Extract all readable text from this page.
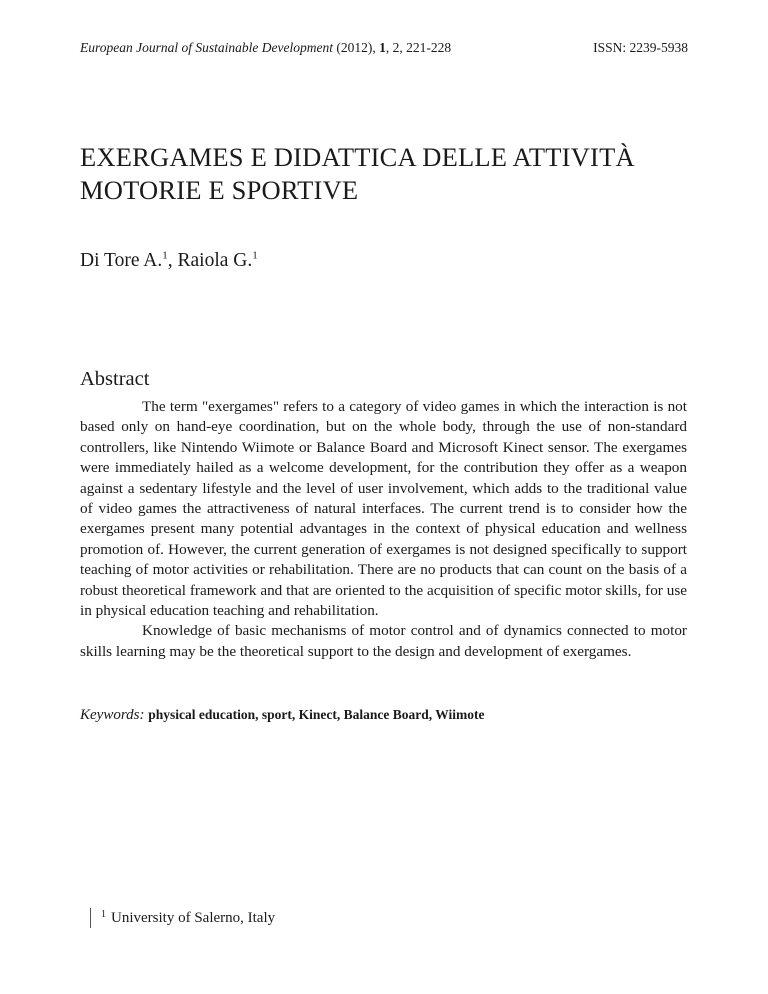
European Journal of Sustainable Development (2012), 1, 2, 221-228	ISSN: 2239-5938
EXERGAMES E DIDATTICA DELLE ATTIVITÀ
MOTORIE E SPORTIVE
Di Tore A.$^1$, Raiola G.$^1$
Abstract

The term "exergames" refers to a category of video games in which the interaction is not based only on hand-eye coordination, but on the whole body, through the use of non-standard controllers, like Nintendo Wiimote or Balance Board and Microsoft Kinect sensor. The exergames were immediately hailed as a welcome development, for the contribution they offer as a weapon against a sedentary lifestyle and the level of user involvement, which adds to the traditional value of video games the attractiveness of natural interfaces. The current trend is to consider how the exergames present many potential advantages in the context of physical education and wellness promotion of. However, the current generation of exergames is not designed specifically to support teaching of motor activities or rehabilitation. There are no products that can count on the basis of a robust theoretical framework and that are oriented to the acquisition of specific motor skills, for use in physical education teaching and rehabilitation.

Knowledge of basic mechanisms of motor control and of dynamics connected to motor skills learning may be the theoretical support to the design and development of exergames.

Keywords: physical education, sport, Kinect, Balance Board, Wiimote
$^1$ University of Salerno, Italy
